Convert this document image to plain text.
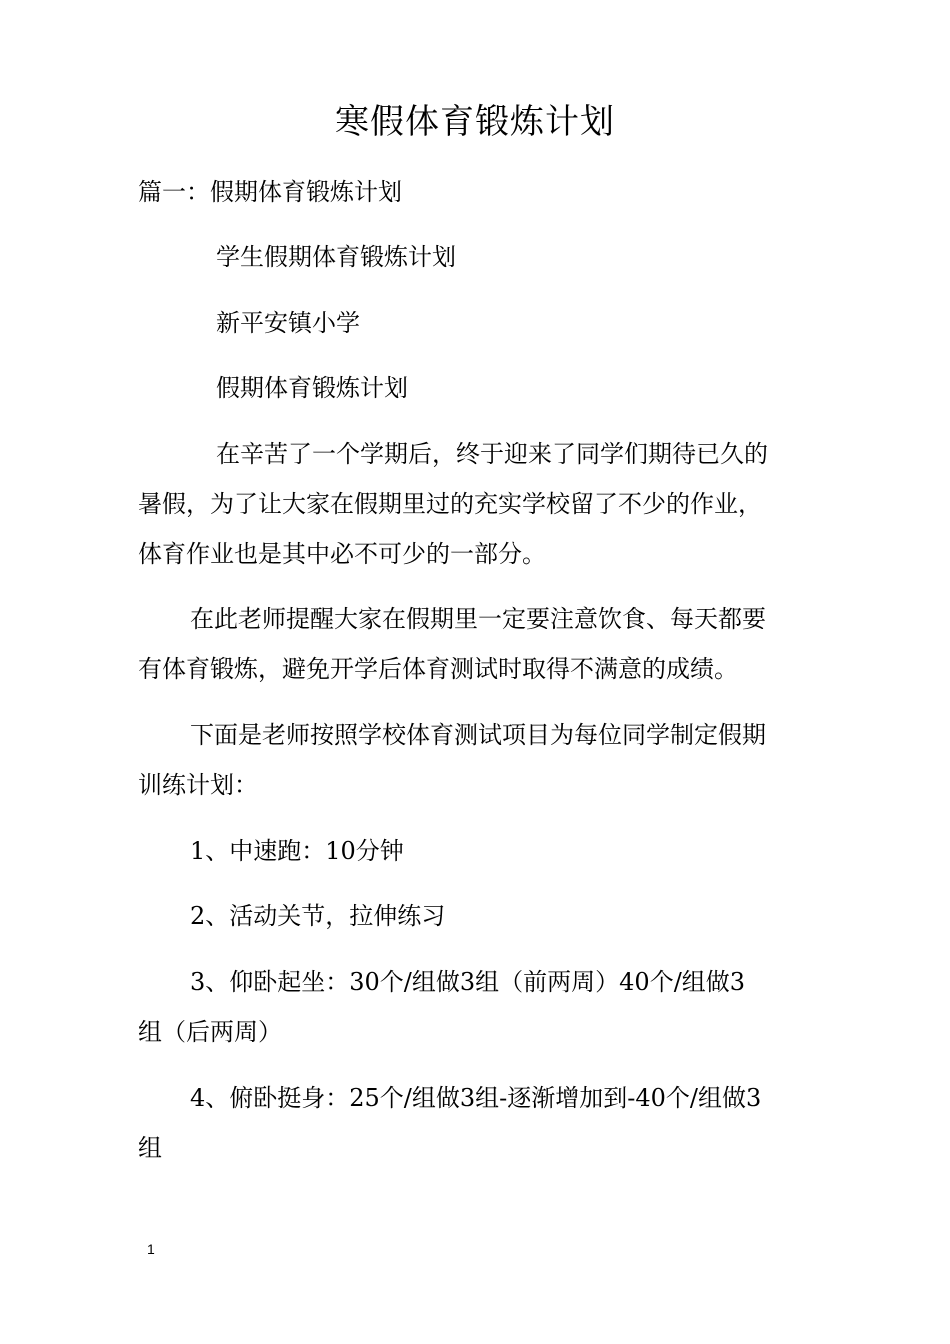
寒假体育锻炼计划
篇一：假期体育锻炼计划
学生假期体育锻炼计划
新平安镇小学
假期体育锻炼计划
在辛苦了一个学期后，终于迎来了同学们期待已久的
暑假，为了让大家在假期里过的充实学校留了不少的作业，
体育作业也是其中必不可少的一部分。
在此老师提醒大家在假期里一定要注意饮食、每天都要
有体育锻炼，避免开学后体育测试时取得不满意的成绩。
下面是老师按照学校体育测试项目为每位同学制定假期
训练计划：
1、中速跑：10分钟
2、活动关节，拉伸练习
3、仰卧起坐：30个/组做3组（前两周）40个/组做3
组（后两周）
4、俯卧挺身：25个/组做3组-逐渐增加到-40个/组做3
组
1
